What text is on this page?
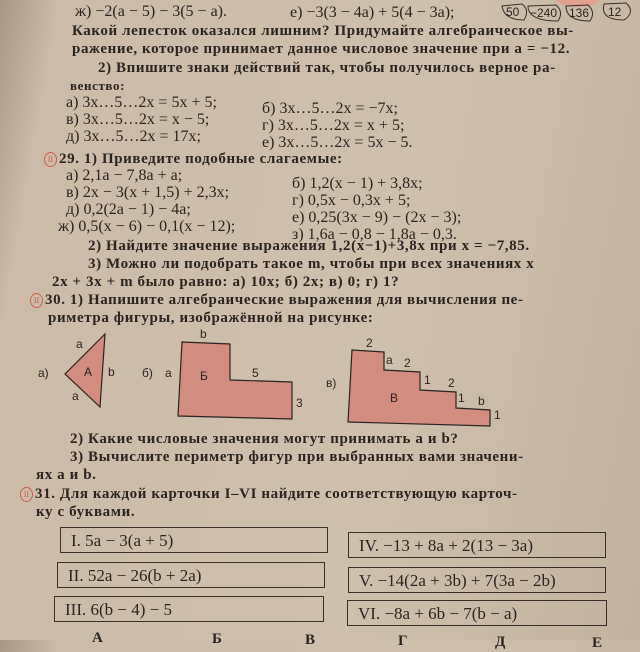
12
50 −240 136
ж) −2(a − 5) − 3(5 − a).	е) −3(3 − 4a) + 5(4 − 3a);
Какой лепесток оказался лишним? Придумайте алгебраическое вы-
ражение, которое принимает данное числовое значение при a = −12.
2) Впишите знаки действий так, чтобы получилось верное ра-
венство:
а) 3x…5…2x = 5x + 5;	б) 3x…5…2x = −7x;
в) 3x…5…2x = x − 5;	г) 3x…5…2x = x + 5;
д) 3x…5…2x = 17x;	е) 3x…5…2x = 5x − 5.
II 29. 1) Приведите подобные слагаемые:
а) 2,1a − 7,8a + a;	б) 1,2(x − 1) + 3,8x;
в) 2x − 3(x + 1,5) + 2,3x;	г) 0,5x − 0,3x + 5;
д) 0,2(2a − 1) − 4a;	е) 0,25(3x − 9) − (2x − 3);
ж) 0,5(x − 6) − 0,1(x − 12);	з) 1,6a − 0,8 − 1,8a − 0,3.
2) Найдите значение выражения 1,2(x−1)+3,8x при x = −7,85.
3) Можно ли подобрать такое m, чтобы при всех значениях x
2x + 3x + m было равно: а) 10x; б) 2x; в) 0; г) 1?
II 30. 1) Напишите алгебраические выражения для вычисления пе-
риметра фигуры, изображённой на рисунке:
а)
a
a
b
A	б) a
b
Б	5
3
в)
2
a 2
1 2
1 b
1
B
2) Какие числовые значения могут принимать a и b?
3) Вычислите периметр фигур при выбранных вами значени-
ях a и b.
II 31. Для каждой карточки I–VI найдите соответствующую карточ-
ку с буквами.
I. 5a − 3(a + 5)
II. 52a − 26(b + 2a)
III. 6(b − 4) − 5
IV. −13 + 8a + 2(13 − 3a)
V. −14(2a + 3b) + 7(3a − 2b)
VI. −8a + 6b − 7(b − a)
А	Б	В	Г	Д	Е
